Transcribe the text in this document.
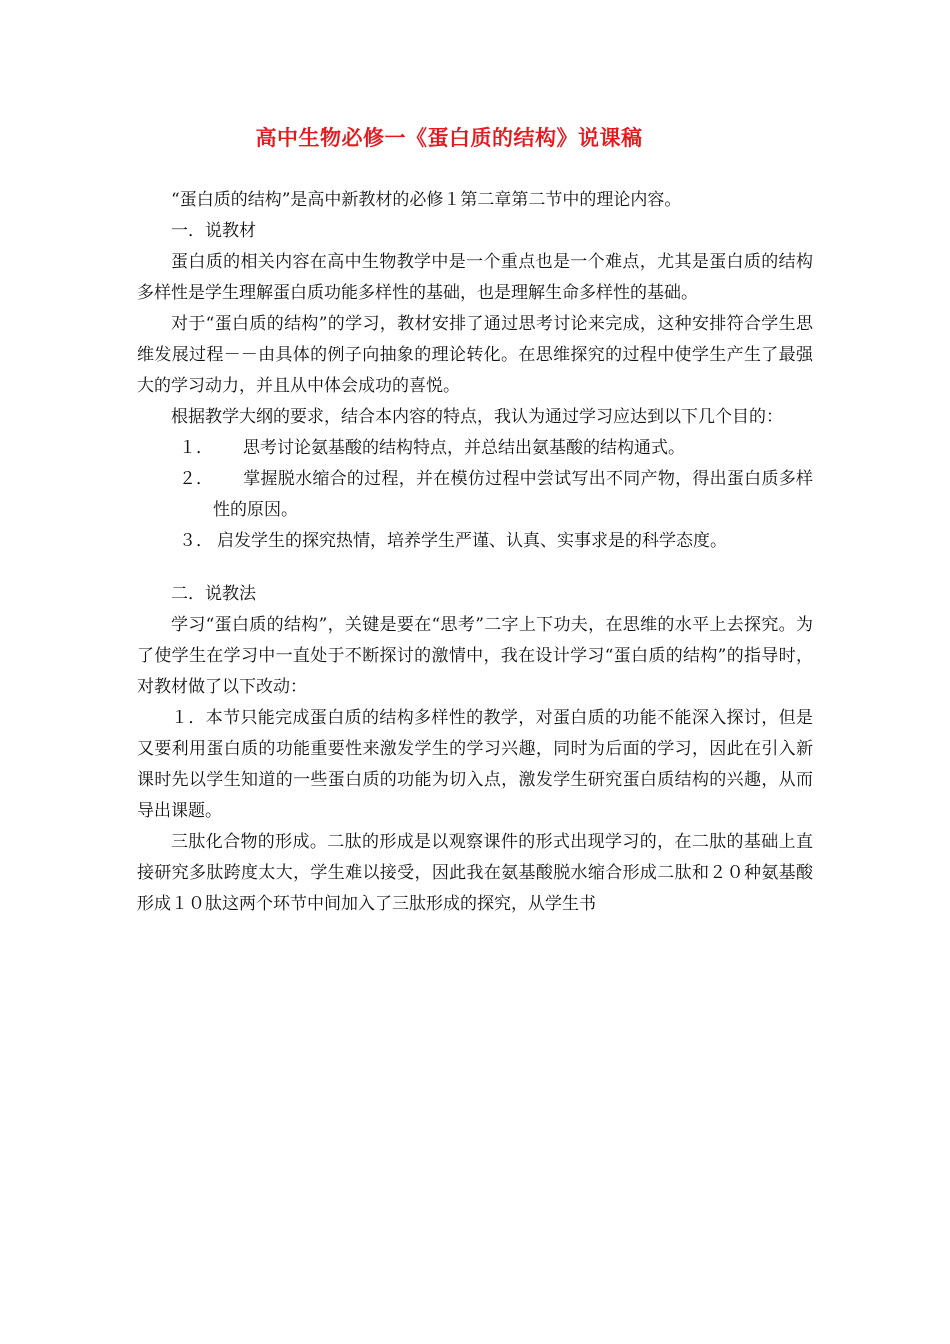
高中生物必修一《蛋白质的结构》说课稿

“蛋白质的结构”是高中新教材的必修１第二章第二节中的理论内容。

一．说教材

蛋白质的相关内容在高中生物教学中是一个重点也是一个难点，尤其是蛋白质的结构多样性是学生理解蛋白质功能多样性的基础，也是理解生命多样性的基础。

对于“蛋白质的结构”的学习，教材安排了通过思考讨论来完成，这种安排符合学生思维发展过程－－由具体的例子向抽象的理论转化。在思维探究的过程中使学生产生了最强大的学习动力，并且从中体会成功的喜悦。

根据教学大纲的要求，结合本内容的特点，我认为通过学习应达到以下几个目的：

１． 思考讨论氨基酸的结构特点，并总结出氨基酸的结构通式。

２． 掌握脱水缩合的过程，并在模仿过程中尝试写出不同产物，得出蛋白质多样性的原因。

３． 启发学生的探究热情，培养学生严谨、认真、实事求是的科学态度。

二．说教法

学习“蛋白质的结构”，关键是要在“思考”二字上下功夫，在思维的水平上去探究。为了使学生在学习中一直处于不断探讨的激情中，我在设计学习“蛋白质的结构”的指导时，对教材做了以下改动：

１．本节只能完成蛋白质的结构多样性的教学，对蛋白质的功能不能深入探讨，但是又要利用蛋白质的功能重要性来激发学生的学习兴趣，同时为后面的学习，因此在引入新课时先以学生知道的一些蛋白质的功能为切入点，激发学生研究蛋白质结构的兴趣，从而导出课题。

三肽化合物的形成。二肽的形成是以观察课件的形式出现学习的，在二肽的基础上直接研究多肽跨度太大，学生难以接受，因此我在氨基酸脱水缩合形成二肽和２０种氨基酸形成１０肽这两个环节中间加入了三肽形成的探究，从学生书
